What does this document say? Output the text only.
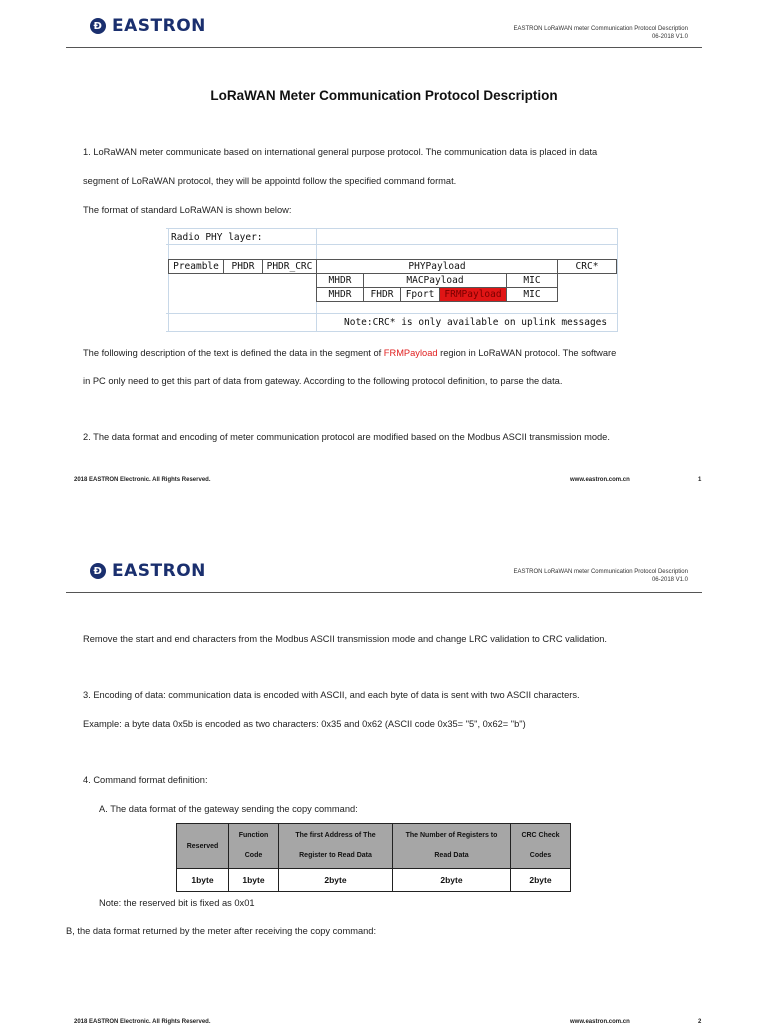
Ð EASTRON	EASTRON LoRaWAN meter Communication Protocol Description
06-2018 V1.0
LoRaWAN Meter Communication Protocol Description
1. LoRaWAN meter communicate based on international general purpose protocol. The communication data is placed in data
segment of LoRaWAN protocol, they will be appointd follow the specified command format.
The format of standard LoRaWAN is shown below:
Radio PHY layer:
Preamble	PHDR	PHDR_CRC	PHYPayload	CRC*
MHDR	MACPayload	MIC
MHDR	FHDR	Fport	FRMPayload	MIC
Note:CRC* is only available on uplink messages
The following description of the text is defined the data in the segment of FRMPayload region in LoRaWAN protocol. The software
in PC only need to get this part of data from gateway. According to the following protocol definition, to parse the data.
2. The data format and encoding of meter communication protocol are modified based on the Modbus ASCII transmission mode.
2018 EASTRON Electronic. All Rights Reserved.	www.eastron.com.cn	1
Ð EASTRON	EASTRON LoRaWAN meter Communication Protocol Description
06-2018 V1.0
Remove the start and end characters from the Modbus ASCII transmission mode and change LRC validation to CRC validation.
3. Encoding of data: communication data is encoded with ASCII, and each byte of data is sent with two ASCII characters.
Example: a byte data 0x5b is encoded as two characters: 0x35 and 0x62 (ASCII code 0x35= "5", 0x62= "b")
4. Command format definition:
A. The data format of the gateway sending the copy command:
Reserved	Function Code	The first Address of The Register to Read Data	The Number of Registers to Read Data	CRC Check Codes
1byte	1byte	2byte	2byte	2byte
Note: the reserved bit is fixed as 0x01
B, the data format returned by the meter after receiving the copy command:
2018 EASTRON Electronic. All Rights Reserved.	www.eastron.com.cn	2
